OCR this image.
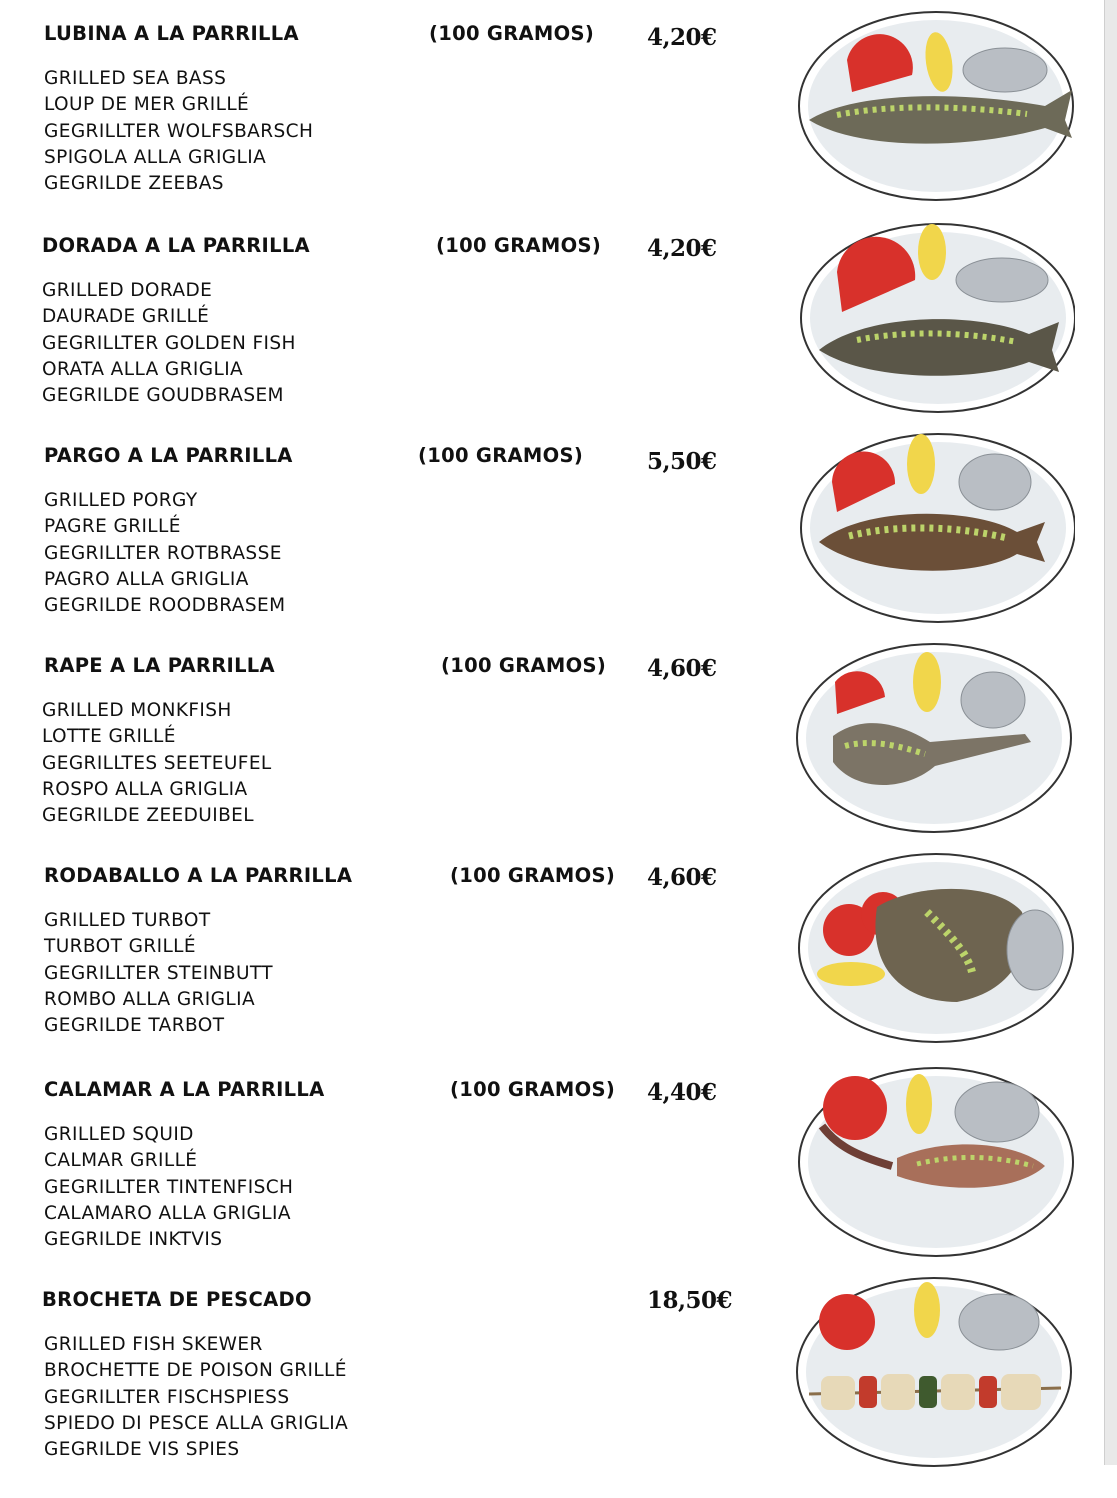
LUBINA A LA PARRILLA	(100 GRAMOS) 4,20€
GRILLED SEA BASS
LOUP DE MER GRILLÉ
GEGRILLTER WOLFSBARSCH
SPIGOLA ALLA GRIGLIA
GEGRILDE ZEEBAS
DORADA A LA PARRILLA	(100 GRAMOS) 4,20€
GRILLED DORADE
DAURADE GRILLÉ
GEGRILLTER GOLDEN FISH
ORATA ALLA GRIGLIA
GEGRILDE GOUDBRASEM
PARGO A LA PARRILLA	(100 GRAMOS)	5,50€
GRILLED PORGY
PAGRE GRILLÉ
GEGRILLTER ROTBRASSE
PAGRO ALLA GRIGLIA
GEGRILDE ROODBRASEM
RAPE A LA PARRILLA	(100 GRAMOS) 4,60€
GRILLED MONKFISH
LOTTE GRILLÉ
GEGRILLTES SEETEUFEL
ROSPO ALLA GRIGLIA
GEGRILDE ZEEDUIBEL
RODABALLO A LA PARRILLA	(100 GRAMOS) 4,60€
GRILLED TURBOT
TURBOT GRILLÉ
GEGRILLTER STEINBUTT
ROMBO ALLA GRIGLIA
GEGRILDE TARBOT
CALAMAR A LA PARRILLA	(100 GRAMOS) 4,40€
GRILLED SQUID
CALMAR GRILLÉ
GEGRILLTER TINTENFISCH
CALAMARO ALLA GRIGLIA
GEGRILDE INKTVIS
BROCHETA DE PESCADO	18,50€
GRILLED FISH SKEWER
BROCHETTE DE POISON GRILLÉ
GEGRILLTER FISCHSPIESS
SPIEDO DI PESCE ALLA GRIGLIA
GEGRILDE VIS SPIES
